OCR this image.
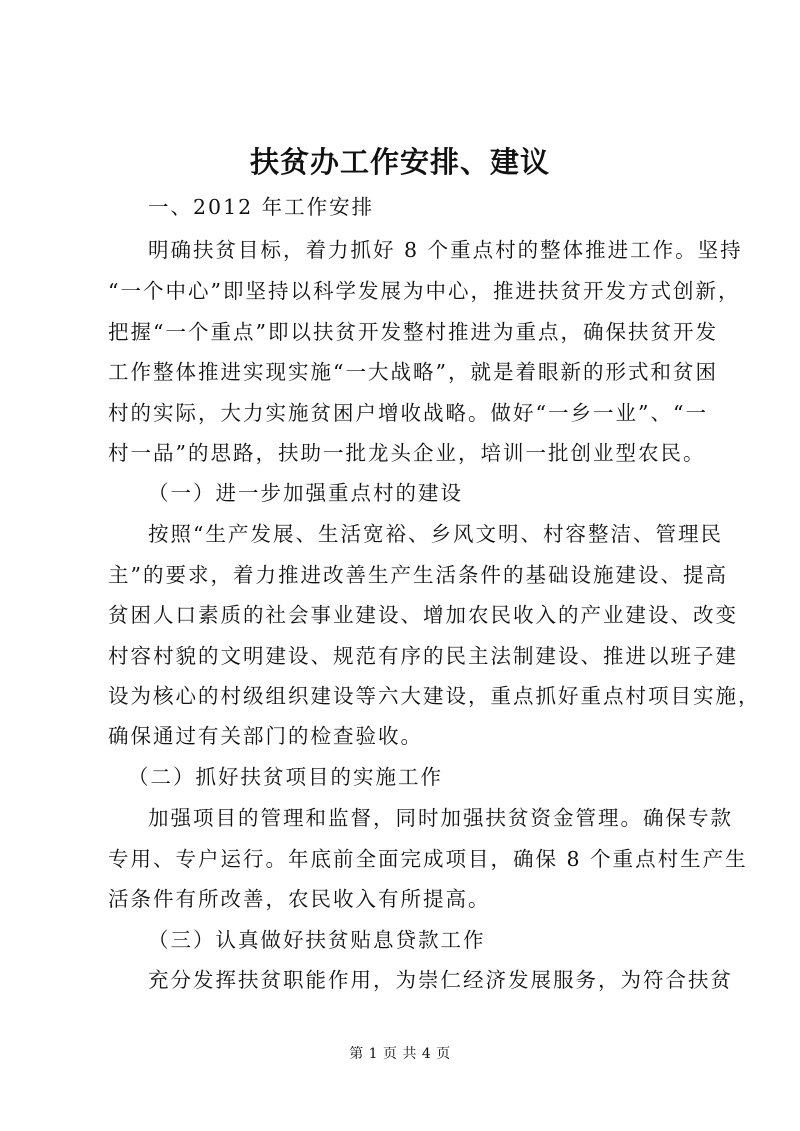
扶贫办工作安排、建议
一、2012 年工作安排
明确扶贫目标，着力抓好 8 个重点村的整体推进工作。坚持
“一个中心”即坚持以科学发展为中心，推进扶贫开发方式创新，
把握“一个重点”即以扶贫开发整村推进为重点，确保扶贫开发
工作整体推进实现实施“一大战略”，就是着眼新的形式和贫困
村的实际，大力实施贫困户增收战略。做好“一乡一业”、“一
村一品”的思路，扶助一批龙头企业，培训一批创业型农民。
（一）进一步加强重点村的建设
按照“生产发展、生活宽裕、乡风文明、村容整洁、管理民
主”的要求，着力推进改善生产生活条件的基础设施建设、提高
贫困人口素质的社会事业建设、增加农民收入的产业建设、改变
村容村貌的文明建设、规范有序的民主法制建设、推进以班子建
设为核心的村级组织建设等六大建设，重点抓好重点村项目实施，
确保通过有关部门的检查验收。
（二）抓好扶贫项目的实施工作
加强项目的管理和监督，同时加强扶贫资金管理。确保专款
专用、专户运行。年底前全面完成项目，确保 8 个重点村生产生
活条件有所改善，农民收入有所提高。
（三）认真做好扶贫贴息贷款工作
充分发挥扶贫职能作用，为崇仁经济发展服务，为符合扶贫
第 1 页 共 4 页
